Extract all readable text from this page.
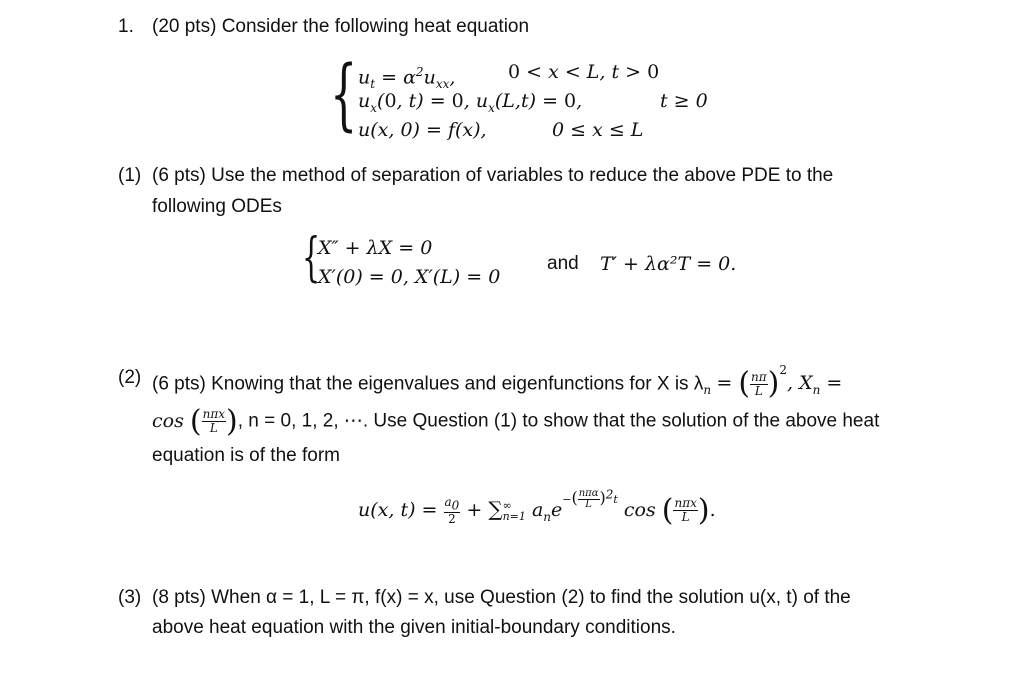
1. (20 pts) Consider the following heat equation
{ $u_t = \alpha^2u_{xx}$,	0 < x < L, t > 0
$u_x(0$, t) = 0, $u_x(L,t) = 0$,	t ≥ 0
u(x, 0) = f(x),	0 ≤ x ≤ L
(1) (6 pts) Use the method of separation of variables to reduce the above PDE to the
following ODEs
{
X″ + λX = 0
X′(0) = 0, X′(L) = 0
and T′ + λα²T = 0.
(2) (6 pts) Knowing that the eigenvalues and eigenfunctions for X is $\lambda_n$ = ( $\frac{n\pi}{L} )^2$, $X_n$ =
cos ( $\frac{\text{nπx}}{L}$ ), n = 0, 1, 2, ⋯. Use Question (1) to show that the solution of the above heat
equation is of the form
u(x, $t) = \frac{a_0}{2}$ + ∑ ∞
n=1 $a_ne^{-( \frac{\text{nπα}}{L} )^2t}$ cos ( $\frac{\text{nπx}}{L}$ ).
(3) (8 pts) When α = 1, L = π, f(x) = x, use Question (2) to find the solution u(x, t) of the
above heat equation with the given initial-boundary conditions.
